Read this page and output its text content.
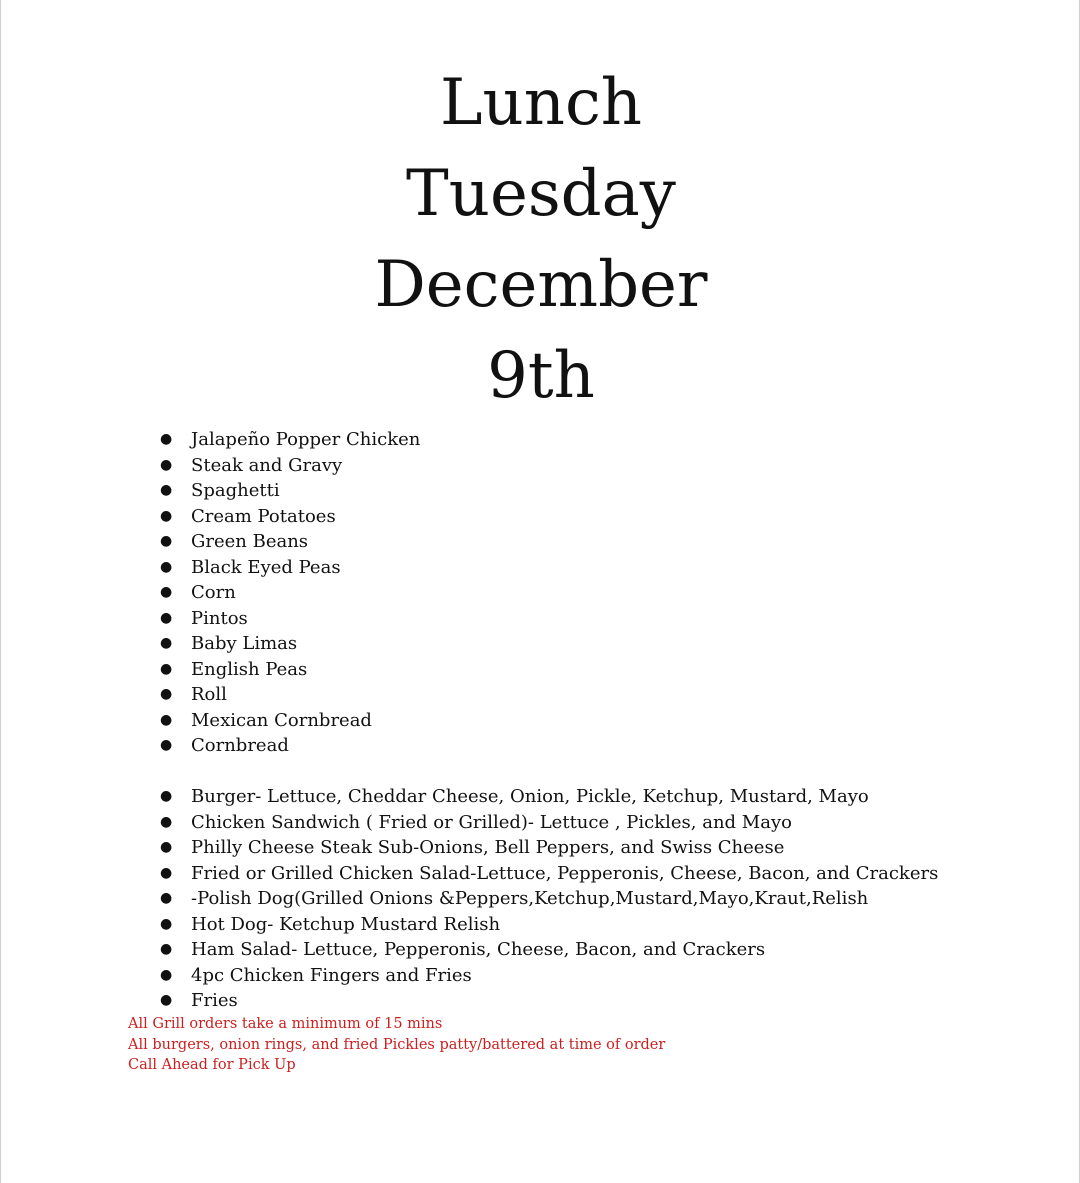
Lunch
Tuesday
December
9th
● Jalapeño Popper Chicken
● Steak and Gravy
● Spaghetti
● Cream Potatoes
● Green Beans
● Black Eyed Peas
● Corn
● Pintos
● Baby Limas
● English Peas
● Roll
● Mexican Cornbread
● Cornbread
● Burger- Lettuce, Cheddar Cheese, Onion, Pickle, Ketchup, Mustard, Mayo
● Chicken Sandwich ( Fried or Grilled)- Lettuce , Pickles, and Mayo
● Philly Cheese Steak Sub-Onions, Bell Peppers, and Swiss Cheese
● Fried or Grilled Chicken Salad-Lettuce, Pepperonis, Cheese, Bacon, and Crackers
● -Polish Dog(Grilled Onions &Peppers,Ketchup,Mustard,Mayo,Kraut,Relish
● Hot Dog- Ketchup Mustard Relish
● Ham Salad- Lettuce, Pepperonis, Cheese, Bacon, and Crackers
● 4pc Chicken Fingers and Fries
● Fries
All Grill orders take a minimum of 15 mins
All burgers, onion rings, and fried Pickles patty/battered at time of order
Call Ahead for Pick Up
